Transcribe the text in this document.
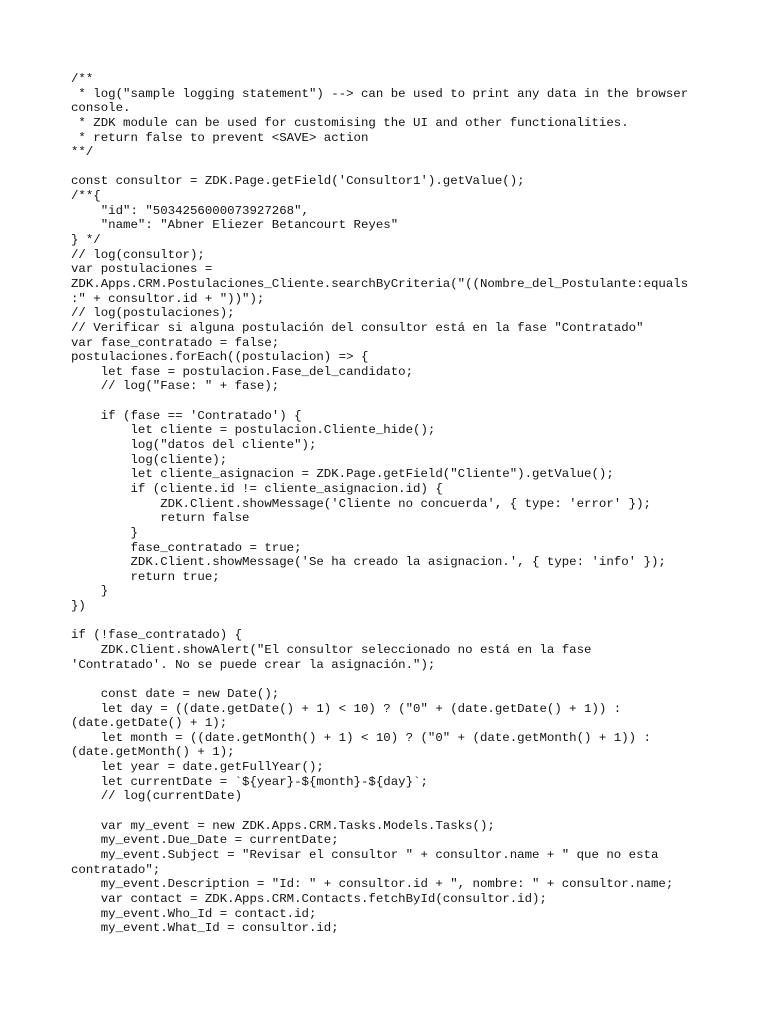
/**
* log("sample logging statement") --> can be used to print any data in the browser
console.
* ZDK module can be used for customising the UI and other functionalities.
* return false to prevent <SAVE> action
**/
const consultor = ZDK.Page.getField('Consultor1').getValue();
/**{
"id": "5034256000073927268",
"name": "Abner Eliezer Betancourt Reyes"
} */
// log(consultor);
var postulaciones =
ZDK.Apps.CRM.Postulaciones_Cliente.searchByCriteria("((Nombre_del_Postulante:equals
:" + consultor.id + "))");
// log(postulaciones);
// Verificar si alguna postulación del consultor está en la fase "Contratado"
var fase_contratado = false;
postulaciones.forEach((postulacion) => {
let fase = postulacion.Fase_del_candidato;
// log("Fase: " + fase);
if (fase == 'Contratado') {
let cliente = postulacion.Cliente_hide();
log("datos del cliente");
log(cliente);
let cliente_asignacion = ZDK.Page.getField("Cliente").getValue();
if (cliente.id != cliente_asignacion.id) {
ZDK.Client.showMessage('Cliente no concuerda', { type: 'error' });
return false
}
fase_contratado = true;
ZDK.Client.showMessage('Se ha creado la asignacion.', { type: 'info' });
return true;
}
})
if (!fase_contratado) {
ZDK.Client.showAlert("El consultor seleccionado no está en la fase
'Contratado'. No se puede crear la asignación.");
const date = new Date();
let day = ((date.getDate() + 1) < 10) ? ("0" + (date.getDate() + 1)) :
(date.getDate() + 1);
let month = ((date.getMonth() + 1) < 10) ? ("0" + (date.getMonth() + 1)) :
(date.getMonth() + 1);
let year = date.getFullYear();
let currentDate = `${year}-${month}-${day}`;
// log(currentDate)
var my_event = new ZDK.Apps.CRM.Tasks.Models.Tasks();
my_event.Due_Date = currentDate;
my_event.Subject = "Revisar el consultor " + consultor.name + " que no esta
contratado";
my_event.Description = "Id: " + consultor.id + ", nombre: " + consultor.name;
var contact = ZDK.Apps.CRM.Contacts.fetchById(consultor.id);
my_event.Who_Id = contact.id;
my_event.What_Id = consultor.id;
